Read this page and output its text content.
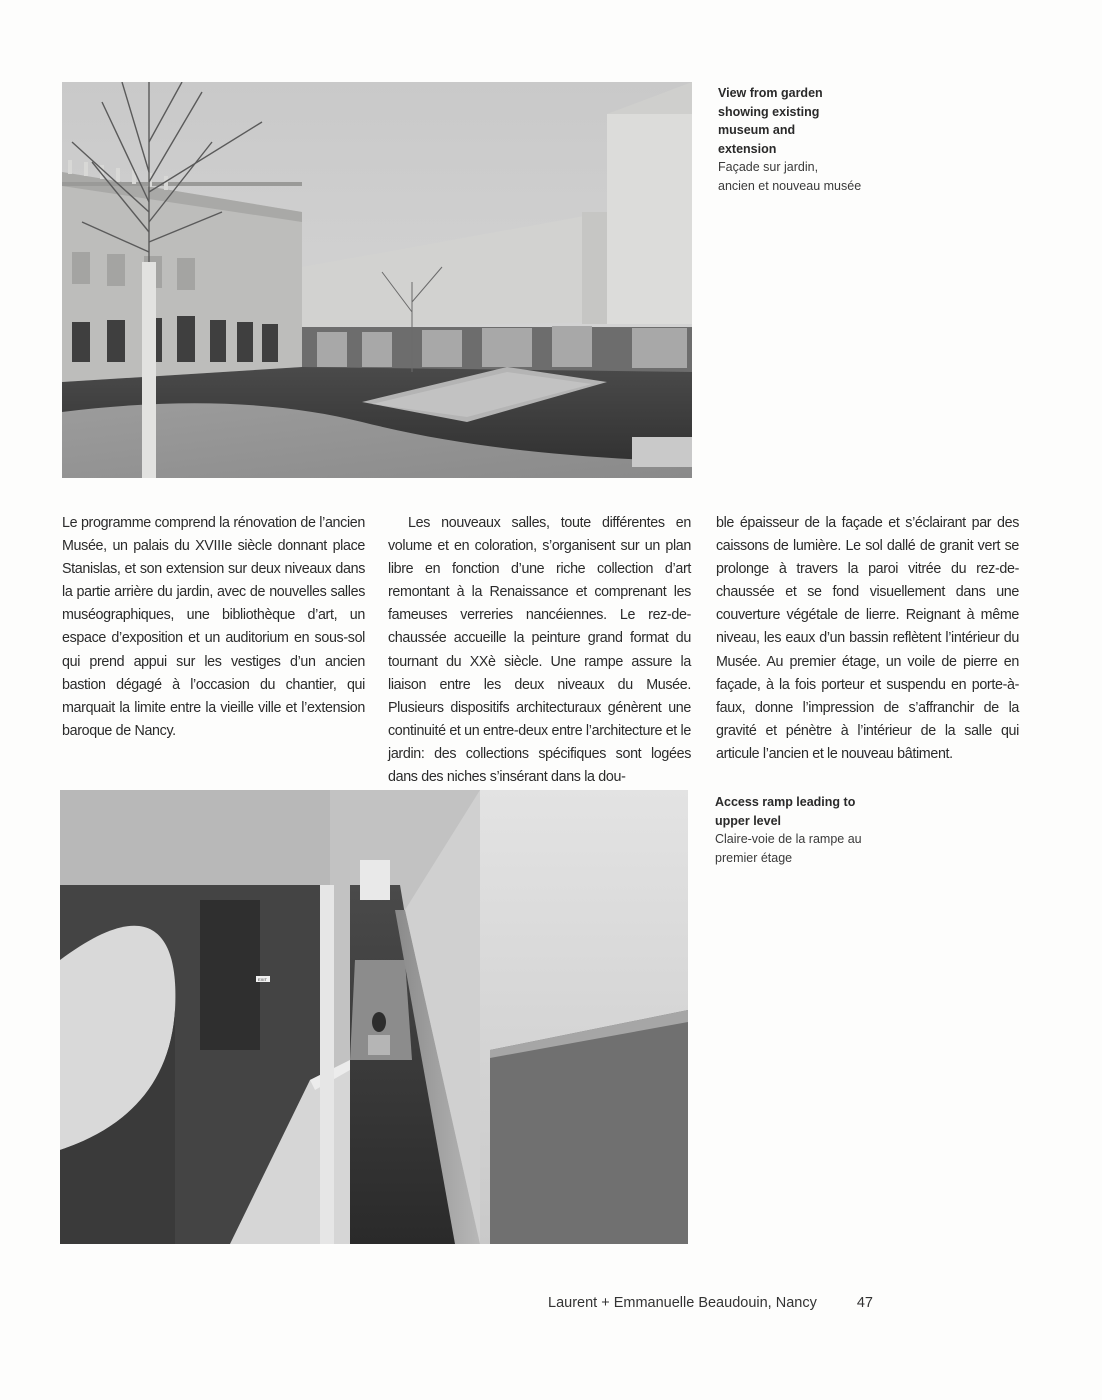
View from garden
showing existing
museum and
extension
Façade sur jardin,
ancien et nouveau musée

Le programme comprend la rénovation de l’ancien Musée, un palais du XVIIIe siècle donnant place Stanislas, et son extension sur deux niveaux dans la partie arrière du jardin, avec de nouvelles salles muséographiques, une bibliothèque d’art, un espace d’exposition et un auditorium en sous-sol qui prend appui sur les vestiges d’un ancien bastion dégagé à l’occasion du chantier, qui marquait la limite entre la vieille ville et l’extension baroque de Nancy.

Les nouveaux salles, toute différentes en volume et en coloration, s’organisent sur un plan libre en fonction d’une riche collection d’art remontant à la Renaissance et comprenant les fameuses verreries nancéiennes. Le rez-de-chaussée accueille la peinture grand format du tournant du XXè siècle. Une rampe assure la liaison entre les deux niveaux du Musée. Plusieurs dispositifs architecturaux génèrent une continuité et un entre-deux entre l’architecture et le jardin: des collections spécifiques sont logées dans des niches s’insérant dans la dou-

ble épaisseur de la façade et s’éclairant par des caissons de lumière. Le sol dallé de granit vert se prolonge à travers la paroi vitrée du rez-de-chaussée et se fond visuellement dans une couverture végétale de lierre. Reignant à même niveau, les eaux d’un bassin reflètent l’intérieur du Musée. Au premier étage, un voile de pierre en façade, à la fois porteur et suspendu en porte-à-faux, donne l’impression de s’affranchir de la gravité et pénètre à l’intérieur de la salle qui articule l’ancien et le nouveau bâtiment.

EXIT
Access ramp leading to
upper level
Claire-voie de la rampe au
premier étage
Laurent + Emmanuelle Beaudouin, Nancy	47
